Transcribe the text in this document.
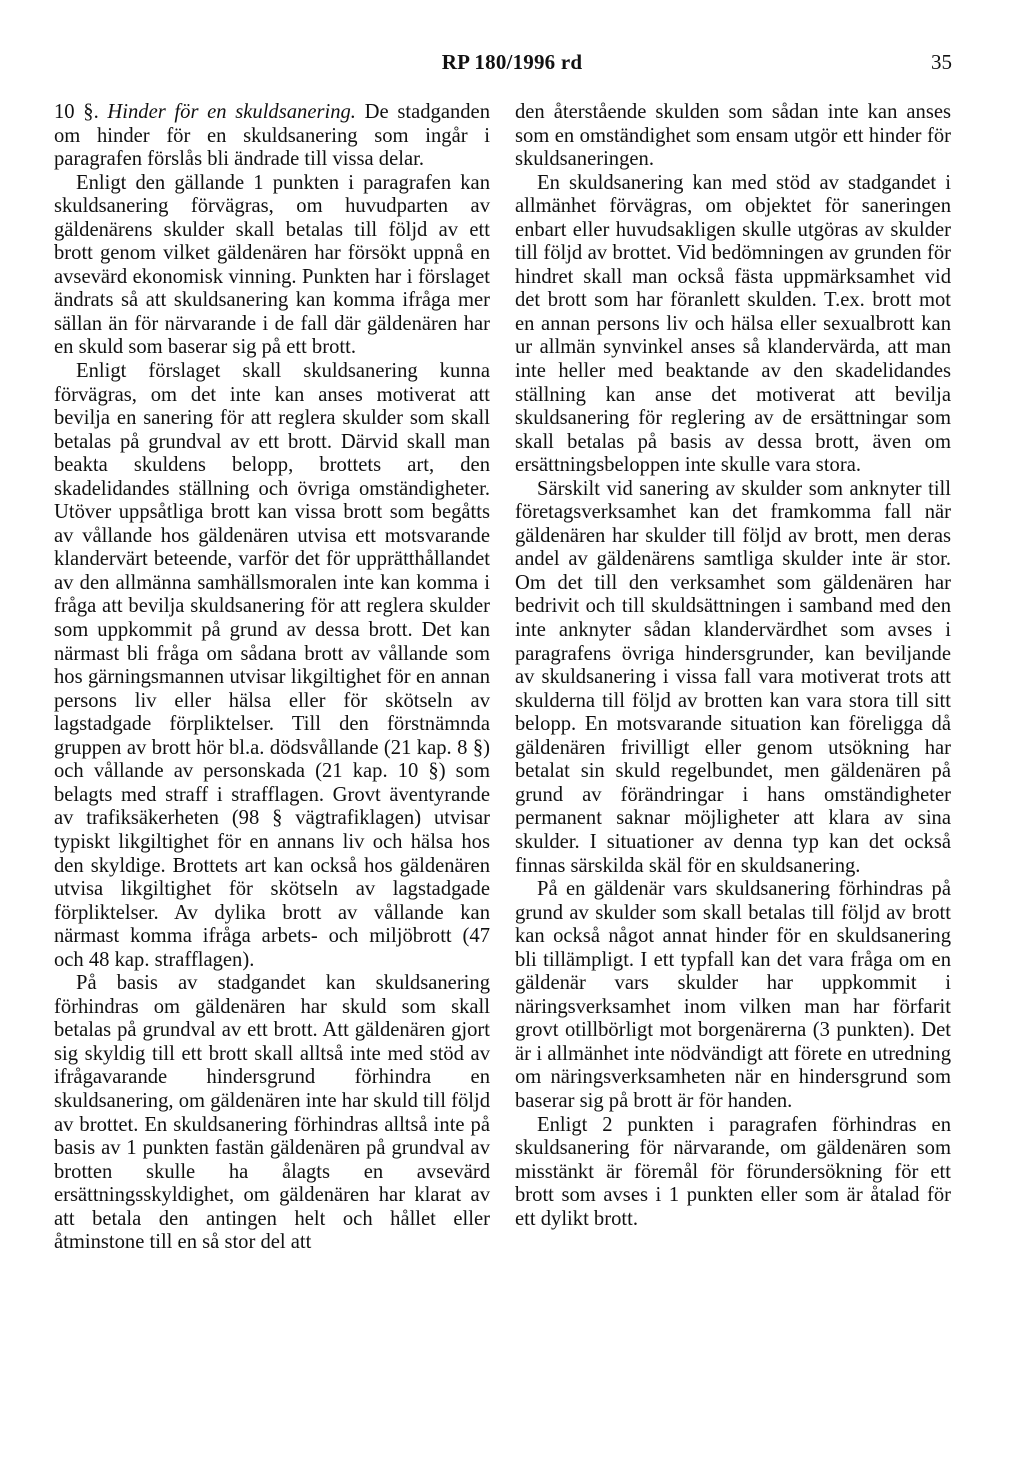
RP 180/1996 rd	35

10 §. Hinder för en skuldsanering. De stadganden om hinder för en skuldsanering som ingår i paragrafen förslås bli ändrade till vissa delar.

Enligt den gällande 1 punkten i paragrafen kan skuldsanering förvägras, om huvudparten av gäldenärens skulder skall betalas till följd av ett brott genom vilket gäldenären har försökt uppnå en avsevärd ekonomisk vinning. Punkten har i förslaget ändrats så att skuldsanering kan komma ifråga mer sällan än för närvarande i de fall där gäldenären har en skuld som baserar sig på ett brott.

Enligt förslaget skall skuldsanering kunna förvägras, om det inte kan anses motiverat att bevilja en sanering för att reglera skulder som skall betalas på grundval av ett brott. Därvid skall man beakta skuldens belopp, brottets art, den skadelidandes ställning och övriga omständigheter. Utöver uppsåtliga brott kan vissa brott som begåtts av vållande hos gäldenären utvisa ett motsvarande klandervärt beteende, varför det för upprätthållandet av den allmänna samhällsmoralen inte kan komma i fråga att bevilja skuldsanering för att reglera skulder som uppkommit på grund av dessa brott. Det kan närmast bli fråga om sådana brott av vållande som hos gärningsmannen utvisar likgiltighet för en annan persons liv eller hälsa eller för skötseln av lagstadgade förpliktelser. Till den förstnämnda gruppen av brott hör bl.a. dödsvållande (21 kap. 8 §) och vållande av personskada (21 kap. 10 §) som belagts med straff i strafflagen. Grovt äventyrande av trafiksäkerheten (98 § vägtrafiklagen) utvisar typiskt likgiltighet för en annans liv och hälsa hos den skyldige. Brottets art kan också hos gäldenären utvisa likgiltighet för skötseln av lagstadgade förpliktelser. Av dylika brott av vållande kan närmast komma ifråga arbets- och miljöbrott (47 och 48 kap. strafflagen).

På basis av stadgandet kan skuldsanering förhindras om gäldenären har skuld som skall betalas på grundval av ett brott. Att gäldenären gjort sig skyldig till ett brott skall alltså inte med stöd av ifrågavarande hindersgrund förhindra en skuldsanering, om gäldenären inte har skuld till följd av brottet. En skuldsanering förhindras alltså inte på basis av 1 punkten fastän gäldenären på grundval av brotten skulle ha ålagts en avsevärd ersättningsskyldighet, om gäldenären har klarat av att betala den antingen helt och hållet eller åtminstone till en så stor del att

den återstående skulden som sådan inte kan anses som en omständighet som ensam utgör ett hinder för skuldsaneringen.

En skuldsanering kan med stöd av stadgandet i allmänhet förvägras, om objektet för saneringen enbart eller huvudsakligen skulle utgöras av skulder till följd av brottet. Vid bedömningen av grunden för hindret skall man också fästa uppmärksamhet vid det brott som har föranlett skulden. T.ex. brott mot en annan persons liv och hälsa eller sexualbrott kan ur allmän synvinkel anses så klandervärda, att man inte heller med beaktande av den skadelidandes ställning kan anse det motiverat att bevilja skuldsanering för reglering av de ersättningar som skall betalas på basis av dessa brott, även om ersättningsbeloppen inte skulle vara stora.

Särskilt vid sanering av skulder som anknyter till företagsverksamhet kan det framkomma fall när gäldenären har skulder till följd av brott, men deras andel av gäldenärens samtliga skulder inte är stor. Om det till den verksamhet som gäldenären har bedrivit och till skuldsättningen i samband med den inte anknyter sådan klandervärdhet som avses i paragrafens övriga hindersgrunder, kan beviljande av skuldsanering i vissa fall vara motiverat trots att skulderna till följd av brotten kan vara stora till sitt belopp. En motsvarande situation kan föreligga då gäldenären frivilligt eller genom utsökning har betalat sin skuld regelbundet, men gäldenären på grund av förändringar i hans omständigheter permanent saknar möjligheter att klara av sina skulder. I situationer av denna typ kan det också finnas särskilda skäl för en skuldsanering.

På en gäldenär vars skuldsanering förhindras på grund av skulder som skall betalas till följd av brott kan också något annat hinder för en skuldsanering bli tillämpligt. I ett typfall kan det vara fråga om en gäldenär vars skulder har uppkommit i näringsverksamhet inom vilken man har förfarit grovt otillbörligt mot borgenärerna (3 punkten). Det är i allmänhet inte nödvändigt att förete en utredning om näringsverksamheten när en hindersgrund som baserar sig på brott är för handen.

Enligt 2 punkten i paragrafen förhindras en skuldsanering för närvarande, om gäldenären som misstänkt är föremål för förundersökning för ett brott som avses i 1 punkten eller som är åtalad för ett dylikt brott.
